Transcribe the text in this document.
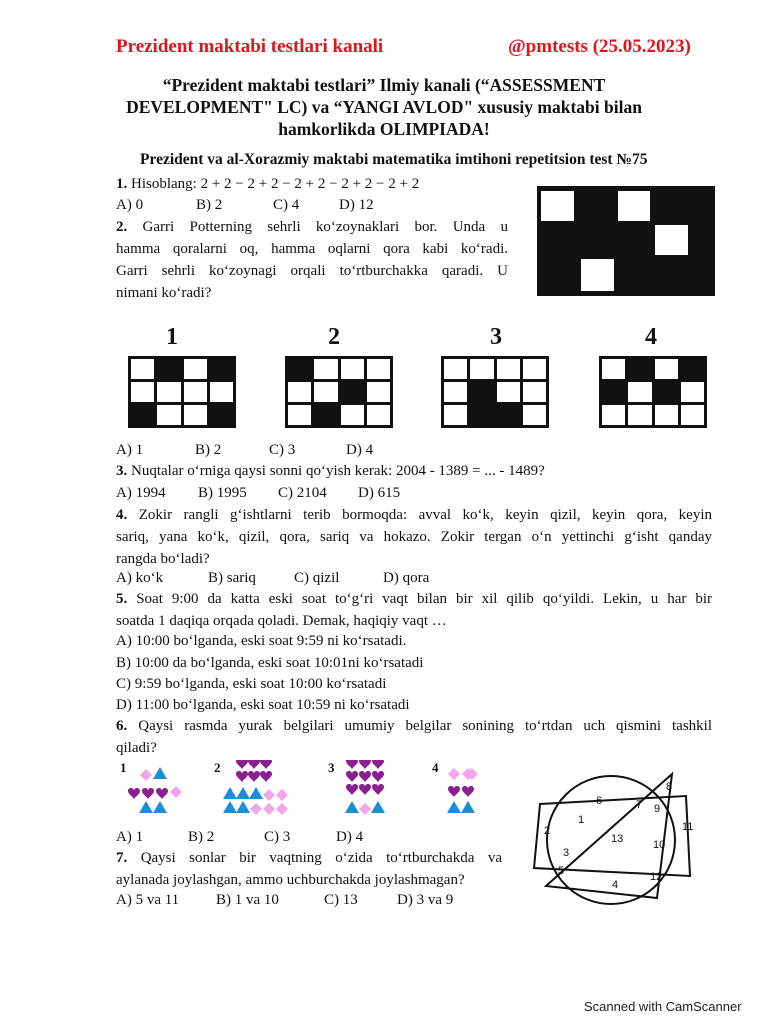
Prezident maktabi testlari kanali	@pmtests (25.05.2023)
“Prezident maktabi testlari” Ilmiy kanali (“ASSESSMENT
DEVELOPMENT" LC) va “YANGI AVLOD" xususiy maktabi bilan
hamkorlikda OLIMPIADA!
Prezident va al-Xorazmiy maktabi matematika imtihoni repetitsion test №75
1. Hisoblang: 2 + 2 − 2 + 2 − 2 + 2 − 2 + 2 − 2 + 2
A) 0	B) 2	C) 4	D) 12
2. Garri Potterning sehrli ko‘zoynaklari bor. Unda u
hamma qoralarni oq, hamma oqlarni qora kabi ko‘radi.
Garri sehrli ko‘zoynagi orqali to‘rtburchakka qaradi. U
nimani ko‘radi?
1	2	3	4
A) 1	B) 2	C) 3	D) 4
3. Nuqtalar o‘rniga qaysi sonni qo‘yish kerak: 2004 - 1389 = ... - 1489?
A) 1994 B) 1995 C) 2104 D) 615
4. Zokir rangli g‘ishtlarni terib bormoqda: avval ko‘k, keyin qizil, keyin qora, keyin
sariq, yana ko‘k, qizil, qora, sariq va hokazo. Zokir tergan o‘n yettinchi g‘isht qanday
rangda bo‘ladi?
A) ko‘k	B) sariq	C) qizil	D) qora
5. Soat 9:00 da katta eski soat to‘g‘ri vaqt bilan bir xil qilib qo‘yildi. Lekin, u har bir
soatda 1 daqiqa orqada qoladi. Demak, haqiqiy vaqt …
A) 10:00 bo‘lganda, eski soat 9:59 ni ko‘rsatadi.
B) 10:00 da bo‘lganda, eski soat 10:01ni ko‘rsatadi
C) 9:59 bo‘lganda, eski soat 10:00 ko‘rsatadi
D) 11:00 bo‘lganda, eski soat 10:59 ni ko‘rsatadi
6. Qaysi rasmda yurak belgilari umumiy belgilar sonining to‘rtdan uch qismini tashkil
qiladi?
1	2	3	4
A) 1	B) 2	C) 3	D) 4
7. Qaysi sonlar bir vaqtning o‘zida to‘rtburchakda va
aylanada joylashgan, ammo uchburchakda joylashmagan?
A) 5 va 11 B) 1 va 10	C) 13	D) 3 va 9
1
2
3
4
5
6	7
8
9
10
11
12
13
Scanned with CamScanner
